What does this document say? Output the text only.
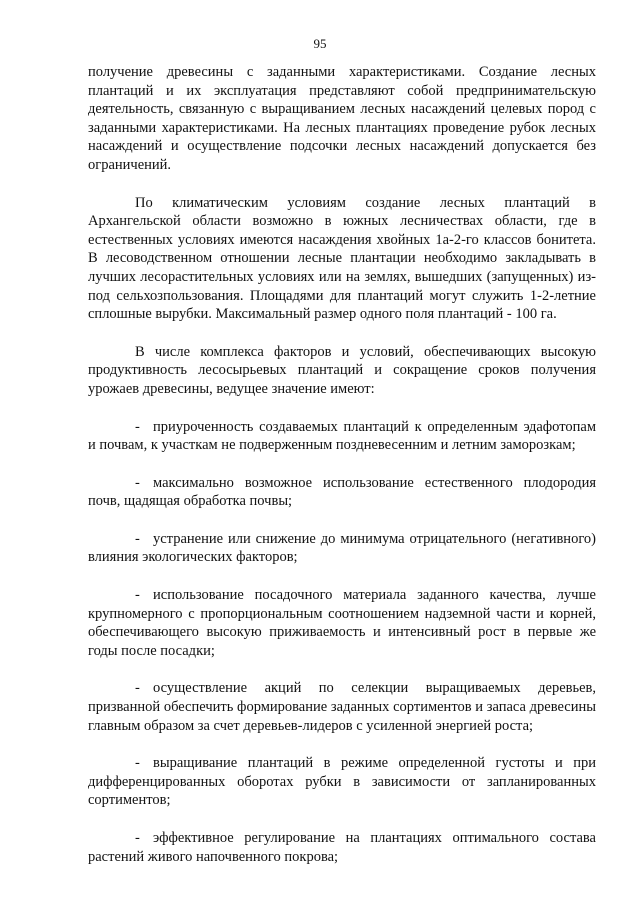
95

получение древесины с заданными характеристиками. Создание лесных плантаций и их эксплуатация представляют собой предпринимательскую деятельность, связанную с выращиванием лесных насаждений целевых пород с заданными характеристиками. На лесных плантациях проведение рубок лесных насаждений и осуществление подсочки лесных насаждений допускается без ограничений.

По климатическим условиям создание лесных плантаций в Архангельской области возможно в южных лесничествах области, где в естественных условиях имеются насаждения хвойных 1а-2-го классов бонитета. В лесоводственном отношении лесные плантации необходимо закладывать в лучших лесорастительных условиях или на землях, вышедших (запущенных) из-под сельхозпользования. Площадями для плантаций могут служить 1-2-летние сплошные вырубки. Максимальный размер одного поля плантаций - 100 га.

В числе комплекса факторов и условий, обеспечивающих высокую продуктивность лесосырьевых плантаций и сокращение сроков получения урожаев древесины, ведущее значение имеют:

- приуроченность создаваемых плантаций к определенным эдафотопам и почвам, к участкам не подверженным поздневесенним и летним заморозкам;

- максимально возможное использование естественного плодородия почв, щадящая обработка почвы;

- устранение или снижение до минимума отрицательного (негативного) влияния экологических факторов;

- использование посадочного материала заданного качества, лучше крупномерного с пропорциональным соотношением надземной части и корней, обеспечивающего высокую приживаемость и интенсивный рост в первые же годы после посадки;

- осуществление акций по селекции выращиваемых деревьев, призванной обеспечить формирование заданных сортиментов и запаса древесины главным образом за счет деревьев-лидеров с усиленной энергией роста;

- выращивание плантаций в режиме определенной густоты и при дифференцированных оборотах рубки в зависимости от запланированных сортиментов;

- эффективное регулирование на плантациях оптимального состава растений живого напочвенного покрова;
